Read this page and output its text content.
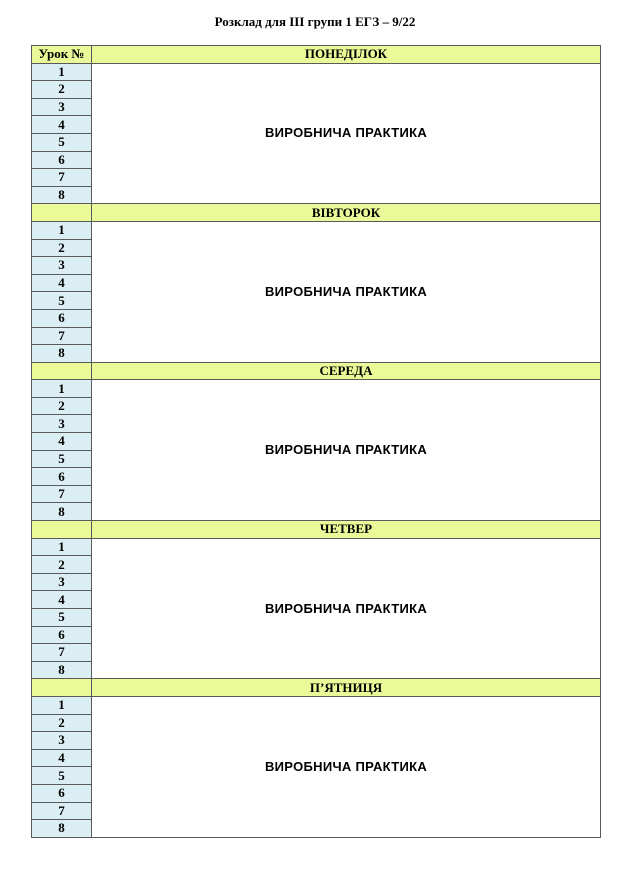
Розклад для ІІІ групи 1 ЕГЗ – 9/22
Урок №	ПОНЕДІЛОК
1	ВИРОБНИЧА ПРАКТИКА
2	
3	
4	
5	
6	
7	
8	
	ВІВТОРОК
1	ВИРОБНИЧА ПРАКТИКА
2	
3	
4	
5	
6	
7	
8	
	СЕРЕДА
1	ВИРОБНИЧА ПРАКТИКА
2	
3	
4	
5	
6	
7	
8	
	ЧЕТВЕР
1	ВИРОБНИЧА ПРАКТИКА
2	
3	
4	
5	
6	
7	
8	
	П’ЯТНИЦЯ
1	ВИРОБНИЧА ПРАКТИКА
2	
3	
4	
5	
6	
7	
8	
